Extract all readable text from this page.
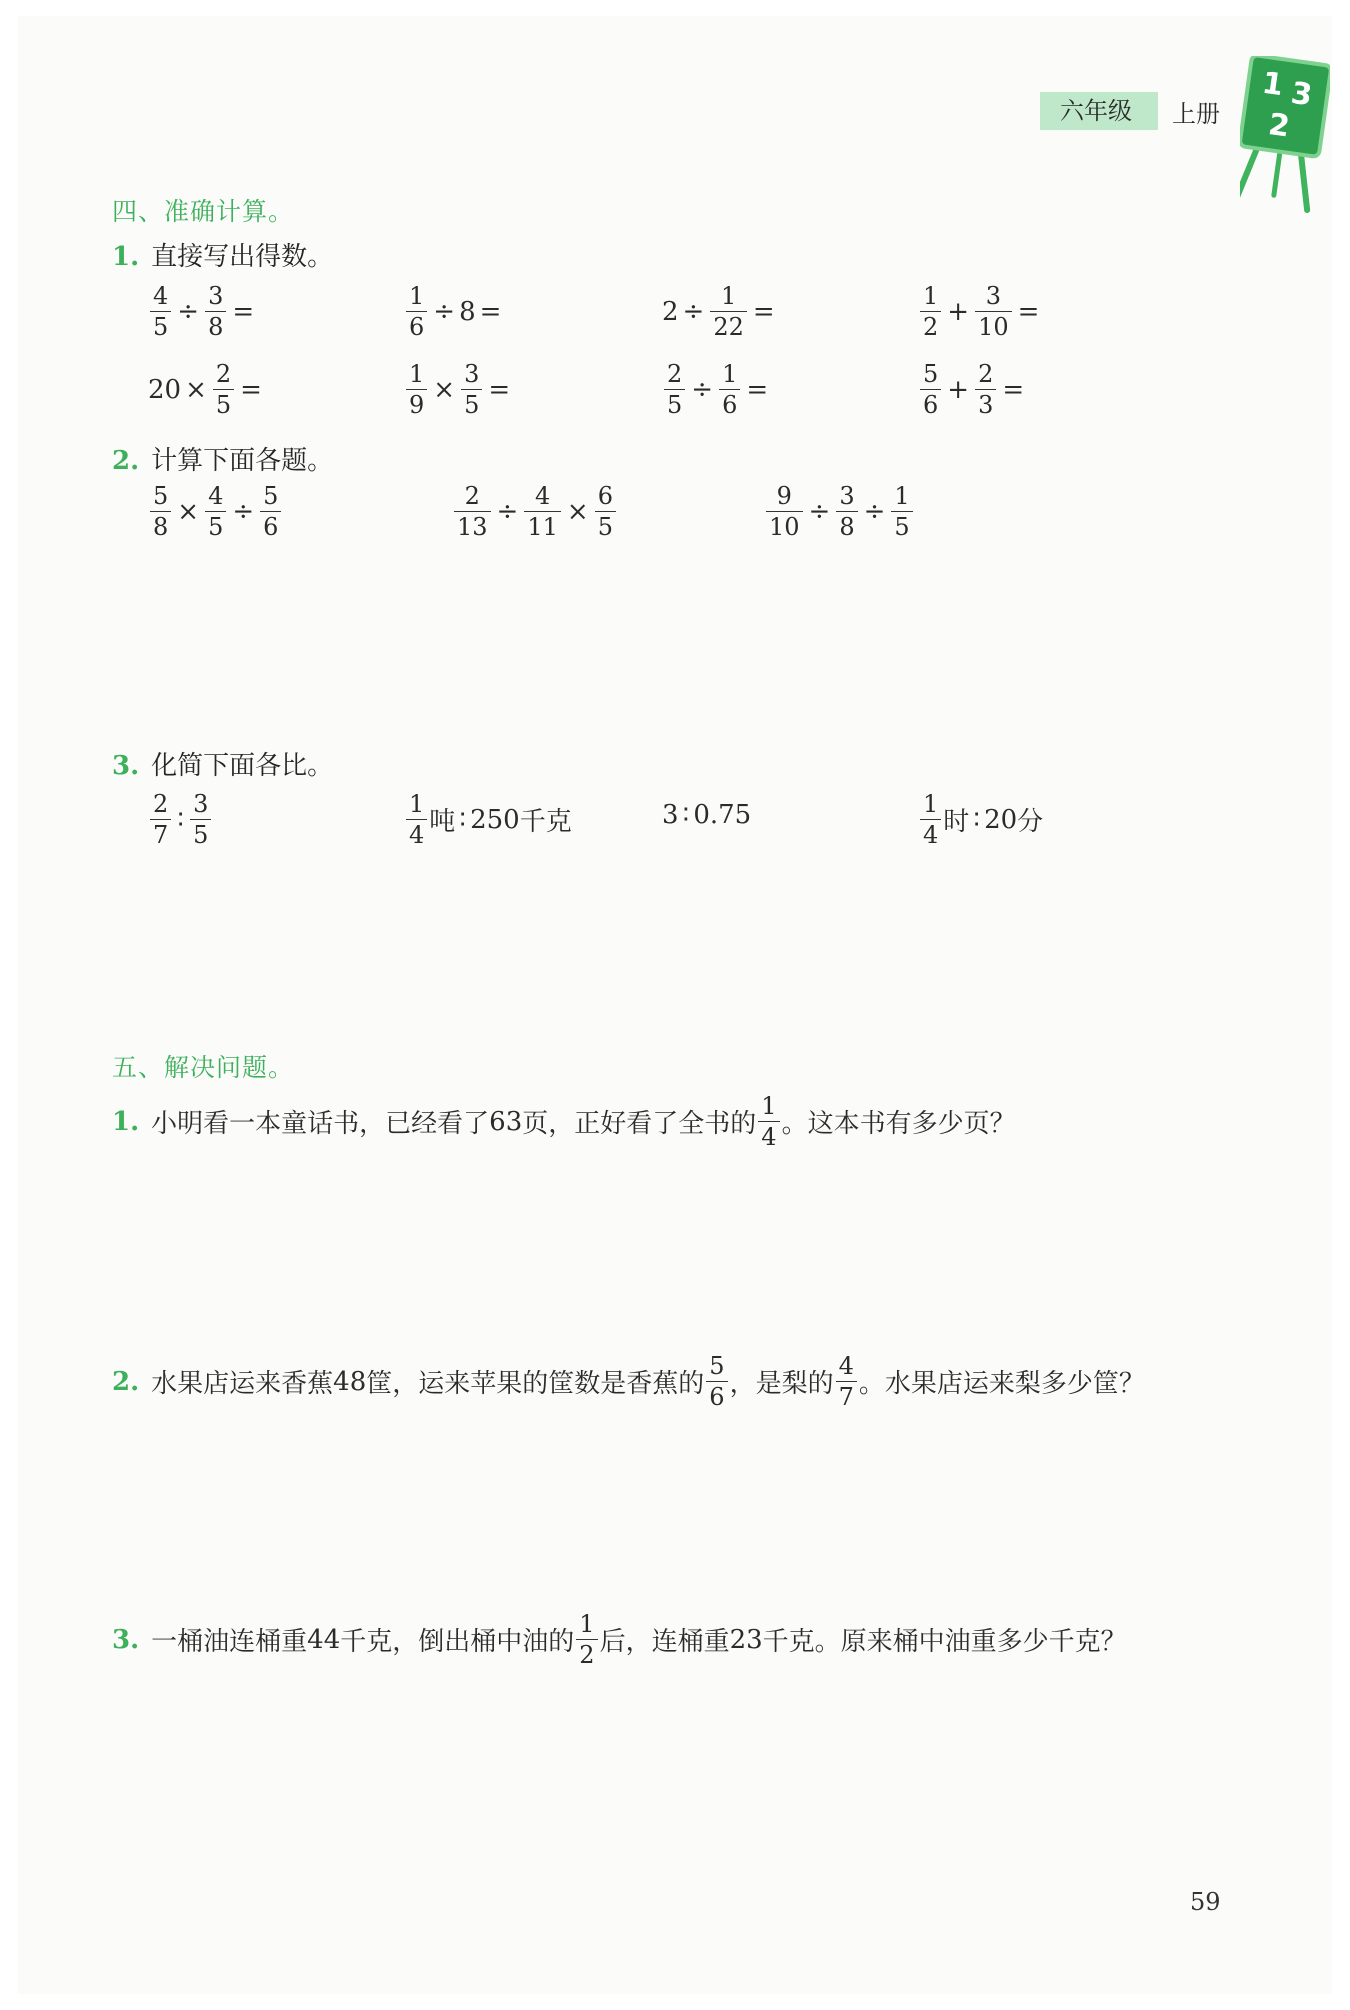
六年级	上册
1 3
2
四、准确计算。
1. 直接写出得数。
$\frac{4}{5} \div \frac{3}{8}$ =	$\frac{1}{6} \div 8$ =	$2 \div \frac{1}{22}$ =	$\frac{1}{2} + \frac{3}{10}$ =
$20 \times \frac{2}{5}$ =	$\frac{1}{9} \times \frac{3}{5}$ =	$\frac{2}{5} \div \frac{1}{6}$ =	$\frac{5}{6} + \frac{2}{3}$ =
2. 计算下面各题。
$\frac{5}{8} \times \frac{4}{5} \div \frac{5}{6}$	$\frac{2}{13} \div \frac{4}{11} \times \frac{6}{5}$	$\frac{9}{10} \div \frac{3}{8} \div \frac{1}{5}$
3. 化简下面各比。
$\frac{2}{7}$ ∶ $\frac{3}{5}$	$\frac{1}{4}$ 吨 ∶ 250 千克	3 ∶ 0.75	$\frac{1}{4}$ 时 ∶ 20 分
五、解决问题。
1. 小明看一本童话书，已经看了 63 页，正好看了全书的 $\frac{1}{4}$ 。这本书有多少页？
2. 水果店运来香蕉 48 筐，运来苹果的筐数是香蕉的 $\frac{5}{6}$ ，是梨的 $\frac{4}{7}$ 。水果店运来梨多少筐？
3. 一桶油连桶重 44 千克，倒出桶中油的 $\frac{1}{2}$ 后，连桶重 23 千克。原来桶中油重多少千克？
59
